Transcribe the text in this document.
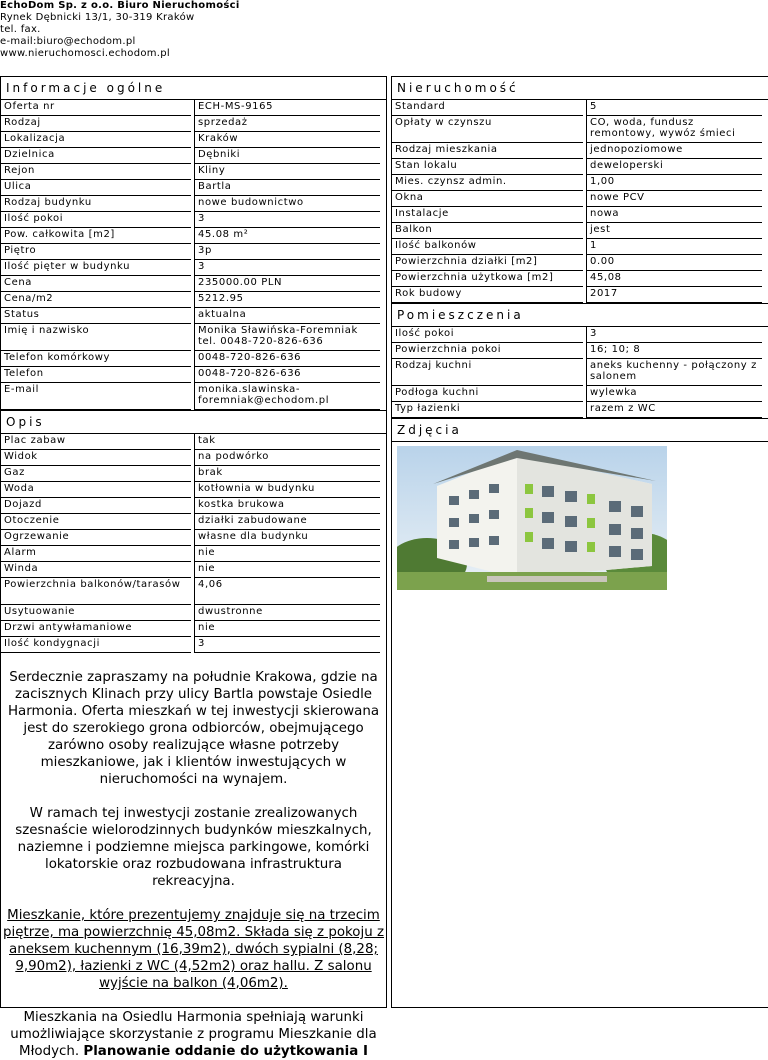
EchoDom Sp. z o.o. Biuro Nieruchomości
Rynek Dębnicki 13/1, 30-319 Kraków
tel. fax.
e-mail:biuro@echodom.pl
www.nieruchomosci.echodom.pl
Informacje ogólne
Oferta nr	ECH-MS-9165
Rodzaj	sprzedaż
Lokalizacja	Kraków
Dzielnica	Dębniki
Rejon	Kliny
Ulica	Bartla
Rodzaj budynku	nowe budownictwo
Ilość pokoi	3
Pow. całkowita [m2]	45.08 m²
Piętro	3p
Ilość pięter w budynku	3
Cena	235000.00 PLN
Cena/m2	5212.95
Status	aktualna
Imię i nazwisko	Monika Sławińska-Foremniak tel. 0048-720-826-636
Telefon komórkowy	0048-720-826-636
Telefon	0048-720-826-636
E-mail	monika.slawinska-foremniak@echodom.pl
Opis
Plac zabaw	tak
Widok	na podwórko
Gaz	brak
Woda	kotłownia w budynku
Dojazd	kostka brukowa
Otoczenie	działki zabudowane
Ogrzewanie	własne dla budynku
Alarm	nie
Winda	nie
Powierzchnia balkonów/tarasów	4,06
Usytuowanie	dwustronne
Drzwi antywłamaniowe	nie
Ilość kondygnacji	3

Serdecznie zapraszamy na południe Krakowa, gdzie na zacisznych Klinach przy ulicy Bartla powstaje Osiedle Harmonia. Oferta mieszkań w tej inwestycji skierowana jest do szerokiego grona odbiorców, obejmującego zarówno osoby realizujące własne potrzeby mieszkaniowe, jak i klientów inwestujących w nieruchomości na wynajem.

W ramach tej inwestycji zostanie zrealizowanych szesnaście wielorodzinnych budynków mieszkalnych, naziemne i podziemne miejsca parkingowe, komórki lokatorskie oraz rozbudowana infrastruktura rekreacyjna.

Mieszkanie, które prezentujemy znajduje się na trzecim piętrze, ma powierzchnię 45,08m2. Składa się z pokoju z aneksem kuchennym (16,39m2), dwóch sypialni (8,28; 9,90m2), łazienki z WC (4,52m2) oraz hallu. Z salonu wyjście na balkon (4,06m2).

Mieszkania na Osiedlu Harmonia spełniają warunki umożliwiające skorzystanie z programu Mieszkanie dla Młodych. Planowanie oddanie do użytkowania I

Nieruchomość
Standard	5
Opłaty w czynszu	CO, woda, fundusz remontowy, wywóz śmieci
Rodzaj mieszkania	jednopoziomowe
Stan lokalu	deweloperski
Mies. czynsz admin.	1,00
Okna	nowe PCV
Instalacje	nowa
Balkon	jest
Ilość balkonów	1
Powierzchnia działki [m2]	0.00
Powierzchnia użytkowa [m2]	45,08
Rok budowy	2017
Pomieszczenia
Ilość pokoi	3
Powierzchnia pokoi	16; 10; 8
Rodzaj kuchni	aneks kuchenny - połączony z salonem
Podłoga kuchni	wylewka
Typ łazienki	razem z WC
Zdjęcia
